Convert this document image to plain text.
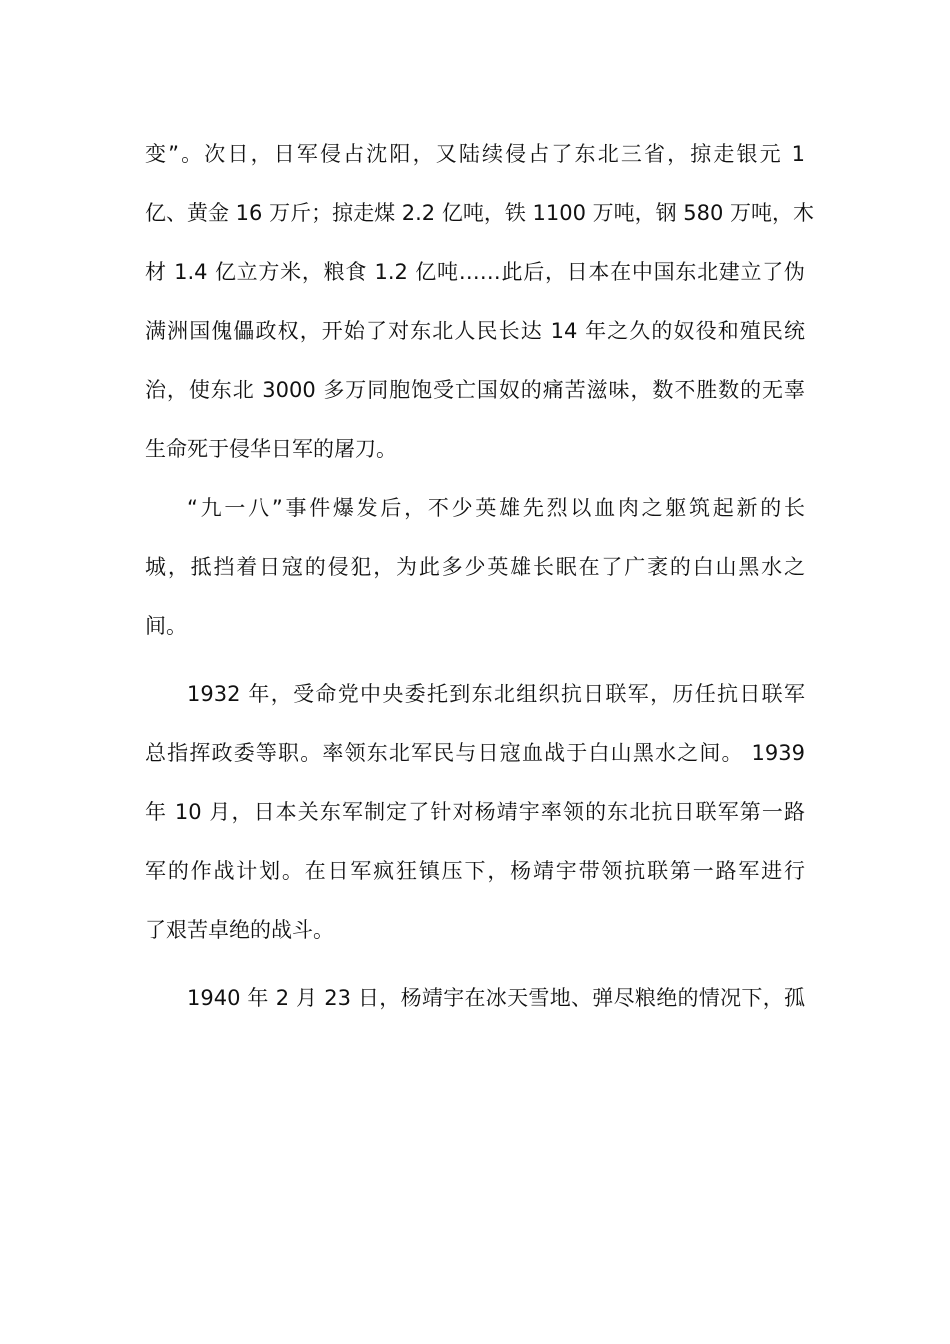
变”。次日，日军侵占沈阳，又陆续侵占了东北三省，掠走银元 1
亿、黄金 16 万斤；掠走煤 2.2 亿吨，铁 1100 万吨，钢 580 万吨，木
材 1.4 亿立方米，粮食 1.2 亿吨……此后，日本在中国东北建立了伪
满洲国傀儡政权，开始了对东北人民长达 14 年之久的奴役和殖民统
治，使东北 3000 多万同胞饱受亡国奴的痛苦滋味，数不胜数的无辜
生命死于侵华日军的屠刀。
“九一八”事件爆发后，不少英雄先烈以血肉之躯筑起新的长
城，抵挡着日寇的侵犯，为此多少英雄长眠在了广袤的白山黑水之
间。
1932 年，受命党中央委托到东北组织抗日联军，历任抗日联军
总指挥政委等职。率领东北军民与日寇血战于白山黑水之间。 1939
年 10 月，日本关东军制定了针对杨靖宇率领的东北抗日联军第一路
军的作战计划。在日军疯狂镇压下，杨靖宇带领抗联第一路军进行
了艰苦卓绝的战斗。
1940 年 2 月 23 日，杨靖宇在冰天雪地、弹尽粮绝的情况下，孤
